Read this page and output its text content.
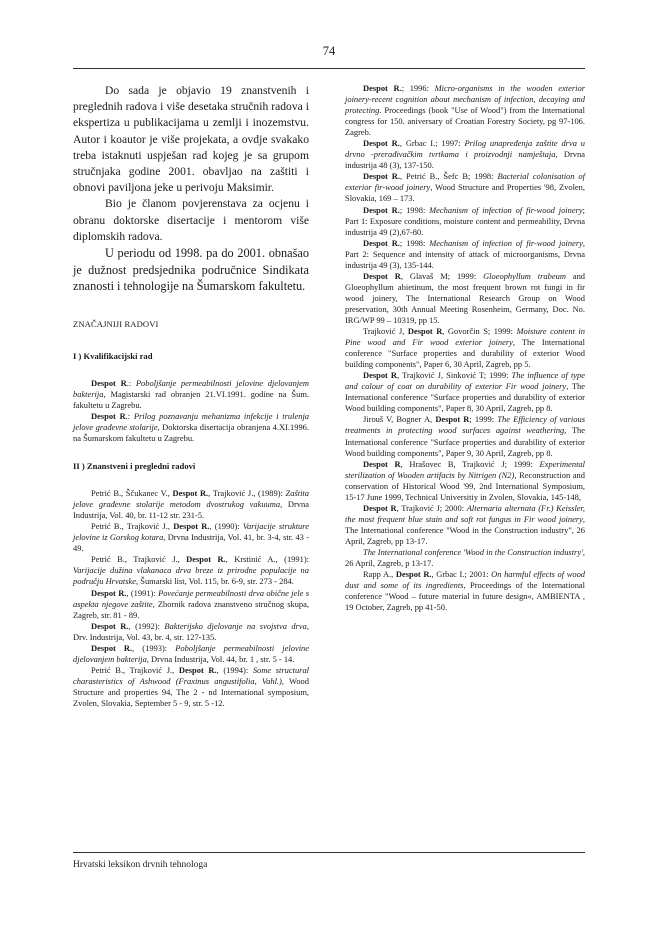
74

Do sada je objavio 19 znanstvenih i preglednih radova i više desetaka stručnih radova i ekspertiza u publikacijama u zemlji i inozemstvu. Autor i koautor je više projekata, a ovdje svakako treba istaknuti uspješan rad kojeg je sa grupom stručnjaka godine 2001. obavljao na zaštiti i obnovi paviljona jeke u perivoju Maksimir.

Bio je članom povjerenstava za ocjenu i obranu doktorske disertacije i mentorom više diplomskih radova.

U periodu od 1998. pa do 2001. obnašao je dužnost predsjednika područnice Sindikata znanosti i tehnologije na Šumarskom fakultetu.

ZNAČAJNIJI RADOVI
I ) Kvalifikacijski rad

Despot R.: Poboljšanje permeabilnosti jelovine djelovanjem bakterija, Magistarski rad obranjen 21.VI.1991. godine na Šum. fakultetu u Zagrebu.

Despot R.: Prilog poznavanju mehanizma infekcije i trulenja jelove građevne stolarije, Doktorska disertacija obranjena 4.XI.1996. na Šumarskom fakultetu u Zagrebu.

II ) Znanstveni i pregledni radovi

Petrić B., Ščukanec V., Despot R., Trajković J., (1989): Zaštita jelove građevne stolarije metodom dvostrukog vakuuma, Drvna Industrija, Vol. 40, br. 11-12 str. 231-5.

Petrić B., Trajković J., Despot R., (1990): Varijacije strukture jelovine iz Gorskog kotara, Drvna Industrija, Vol. 41, br. 3-4, str. 43 - 49.

Petrić B., Trajković J., Despot R., Krstinić A., (1991): Varijacije dužina vlakanaca drva breze iz prirodne populacije na području Hrvatske, Šumarski list, Vol. 115, br. 6-9, str. 273 - 284.

Despot R., (1991): Povećanje permeabilnosti drva obične jele s aspekta njegove zaštite, Zbornik radova znanstveno stručnog skupa, Zagreb, str. 81 - 89.

Despot R., (1992): Bakterijsko djelovanje na svojstva drva, Drv. Industrija, Vol. 43, br. 4, str. 127-135.

Despot R., (1993): Poboljšanje permeabilnosti jelovine djelovanjem bakterija, Drvna Industrija, Vol. 44, br. 1 , str. 5 - 14.

Petrić B., Trajković J., Despot R., (1994): Some structural charasteristics of Ashwood (Fraxinus angustifolia, Vahl.), Wood Structure and properties 94, The 2 - nd International symposium, Zvolen, Slovakia, September 5 - 9, str. 5 -12.

Despot R.; 1996: Micro-organisms in the wooden exterior joinery-recent cognition about mechanism of infection, decaying and protecting. Proceedings (book "Use of Wood") from the International congress for 150. aniversary of Croatian Forestry Society, pg 97-106. Zagreb.

Despot R., Grbac I.; 1997: Prilog unapređenja zaštite drva u drvno -prerađivačkim tvrtkama i proizvodnji namještaja, Drvna industrija 48 (3), 137-150.

Despot R., Petrić B., Šefc B; 1998: Bacterial colonisation of exterior fir-wood joinery, Wood Structure and Properties '98, Zvolen, Slovakia, 169 – 173.

Despot R.; 1998: Mechanism of infection of fir-wood joinery; Part 1: Exposure conditions, moisture content and permeability, Drvna industrija 49 (2),67-80.

Despot R.; 1998: Mechanism of infection of fir-wood joinery, Part 2: Sequence and intensity of attack of microorganisms, Drvna industrija 49 (3), 135-144.

Despot R, Glavaš M; 1999: Gloeophyllum trabeum and Gloeophyllum abietinum, the most frequent brown rot fungi in fir wood joinery, The International Research Group on Wood preservation, 30th Annual Meeting Rosenheim, Germany, Doc. No. IRG/WP 99 – 10319, pp 15.

Trajković J, Despot R, Govorčin S; 1999: Moisture content in Pine wood and Fir wood exterior joinery, The International conference "Surface properties and durability of exterior Wood building components", Paper 6, 30 April, Zagreb, pp 5.

Despot R, Trajković J, Sinković T; 1999: The influence of type and colour of coat on durability of exterior Fir wood joinery, The International conference "Surface properties and durability of exterior Wood building components", Paper 8, 30 April, Zagreb, pp 8.

Jirouš V, Bogner A, Despot R; 1999: The Efficiency of various treatments in protecting wood surfaces against weathering, The International conference "Surface properties and durability of exterior Wood building components", Paper 9, 30 April, Zagreb, pp 8.

Despot R, Hrašovec B, Trajković J; 1999: Experimental sterilization of Wooden artifacts by Nitrigen (N2), Reconstruction and conservation of Historical Wood '99, 2nd International Symposium, 15-17 June 1999, Technical Universitiy in Zvolen, Slovakia, 145-148,

Despot R, Trajković J; 2000: Alternaria alternata (Fr.) Keissler, the most frequent blue stain and soft rot fungus in Fir wood joinery, The International conference "Wood in the Construction industry", 26 April, Zagreb, pp 13-17.

The International conference 'Wood in the Construction industry', 26 April, Zagreb, p 13-17.

Rapp A., Despot R., Grbac I.; 2001: On harmful effects of wood dust and some of its ingredients, Proceedings of the International conference "Wood – future material in future design«, AMBIENTA , 19 October, Zagreb, pp 41-50.

Hrvatski leksikon drvnih tehnologa
